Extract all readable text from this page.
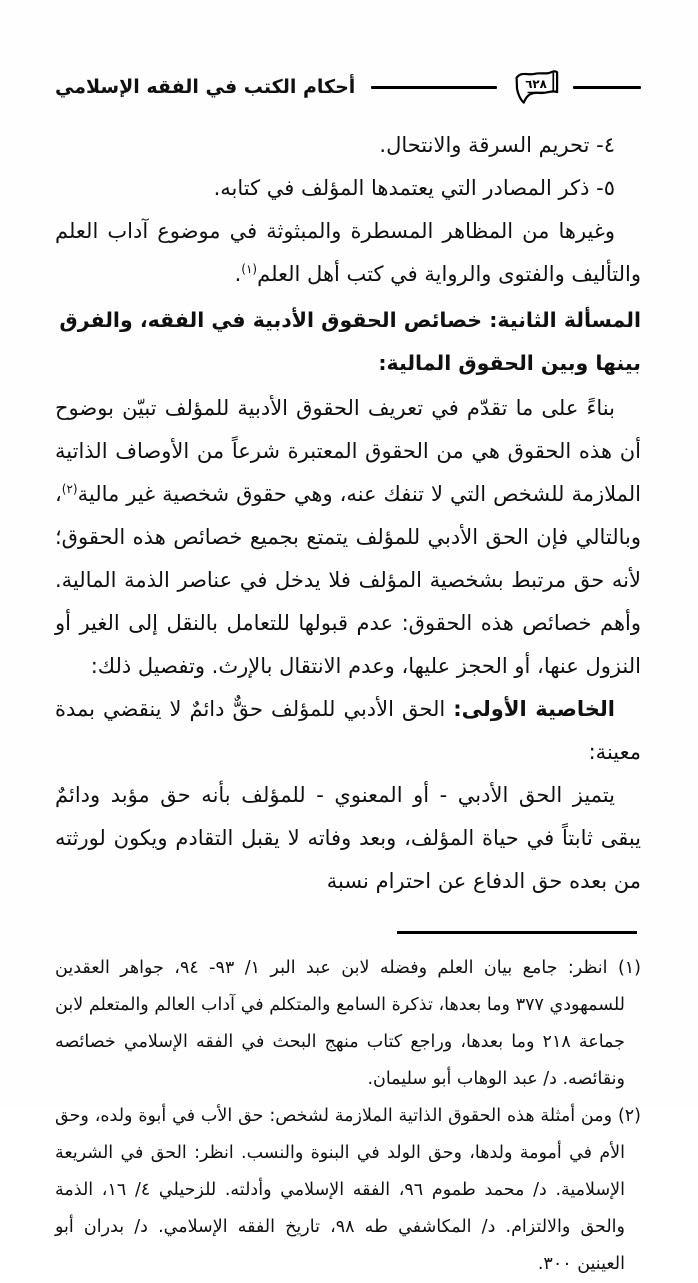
أحكام الكتب في الفقه الإسلامي	٦٢٨
٤- تحريم السرقة والانتحال.
٥- ذكر المصادر التي يعتمدها المؤلف في كتابه.

وغيرها من المظاهر المسطرة والمبثوثة في موضوع آداب العلم والتأليف والفتوى والرواية في كتب أهل العلم$^{(١)}$.

المسألة الثانية: خصائص الحقوق الأدبية في الفقه، والفرق بينها وبين الحقوق المالية:

بناءً على ما تقدّم في تعريف الحقوق الأدبية للمؤلف تبيّن بوضوح أن هذه الحقوق هي من الحقوق المعتبرة شرعاً من الأوصاف الذاتية الملازمة للشخص التي لا تنفك عنه، وهي حقوق شخصية غير مالية$^{(٢)}$، وبالتالي فإن الحق الأدبي للمؤلف يتمتع بجميع خصائص هذه الحقوق؛ لأنه حق مرتبط بشخصية المؤلف فلا يدخل في عناصر الذمة المالية. وأهم خصائص هذه الحقوق: عدم قبولها للتعامل بالنقل إلى الغير أو النزول عنها، أو الحجز عليها، وعدم الانتقال بالإرث. وتفصيل ذلك:

الخاصية الأولى: الحق الأدبي للمؤلف حقٌّ دائمٌ لا ينقضي بمدة معينة:

يتميز الحق الأدبي - أو المعنوي - للمؤلف بأنه حق مؤبد ودائمٌ يبقى ثابتاً في حياة المؤلف، وبعد وفاته لا يقبل التقادم ويكون لورثته من بعده حق الدفاع عن احترام نسبة

(١) انظر: جامع بيان العلم وفضله لابن عبد البر ١/ ٩٣- ٩٤، جواهر العقدين للسمهودي ٣٧٧ وما بعدها، تذكرة السامع والمتكلم في آداب العالم والمتعلم لابن جماعة ٢١٨ وما بعدها، وراجع كتاب منهج البحث في الفقه الإسلامي خصائصه ونقائصه. د/ عبد الوهاب أبو سليمان.

(٢) ومن أمثلة هذه الحقوق الذاتية الملازمة لشخص: حق الأب في أبوة ولده، وحق الأم في أمومة ولدها، وحق الولد في البنوة والنسب. انظر: الحق في الشريعة الإسلامية. د/ محمد طموم ٩٦، الفقه الإسلامي وأدلته. للزحيلي ٤/ ١٦، الذمة والحق والالتزام. د/ المكاشفي طه ٩٨، تاريخ الفقه الإسلامي. د/ بدران أبو العينين ٣٠٠.
